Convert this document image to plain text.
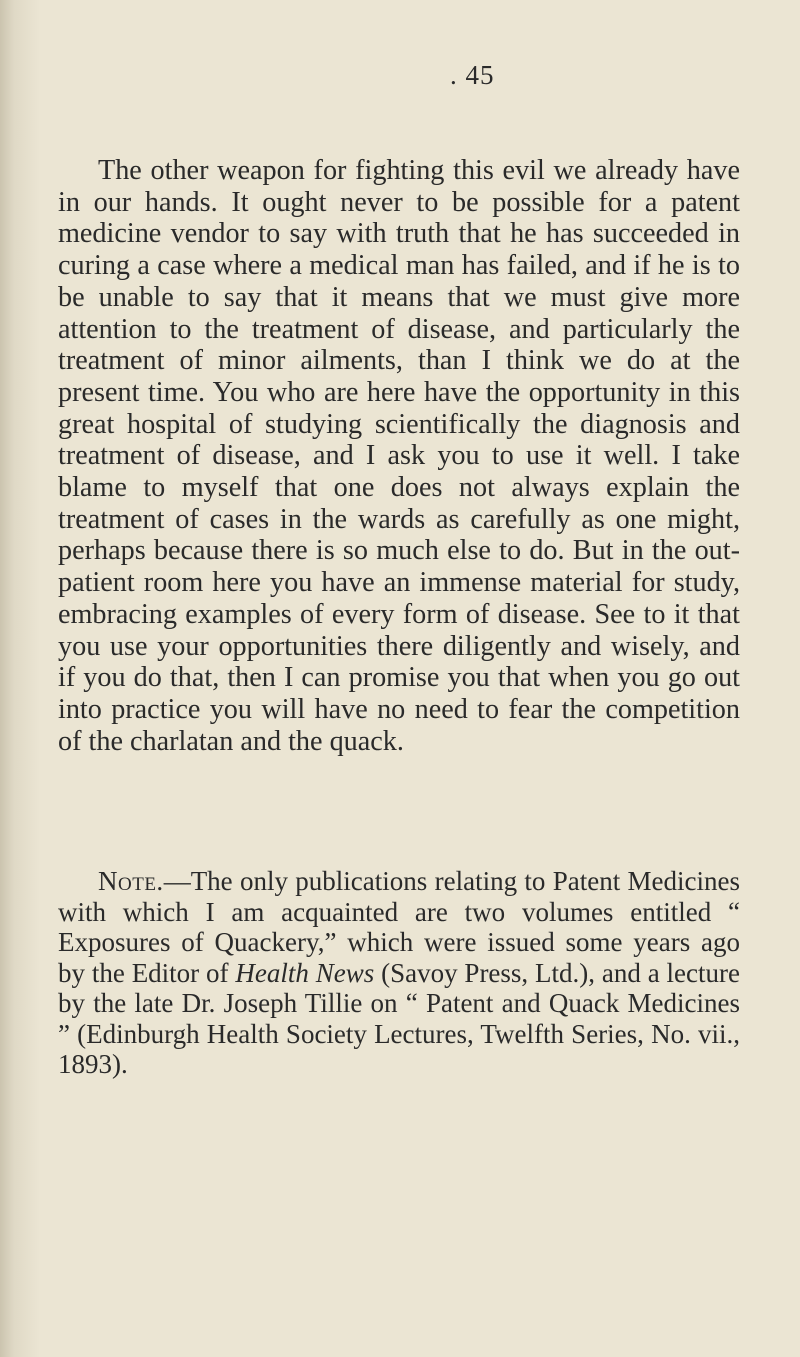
. 45

The other weapon for fighting this evil we already have in our hands. It ought never to be possible for a patent medicine vendor to say with truth that he has succeeded in curing a case where a medical man has failed, and if he is to be unable to say that it means that we must give more attention to the treatment of disease, and particularly the treatment of minor ailments, than I think we do at the present time. You who are here have the opportunity in this great hospital of studying scientifically the diagnosis and treatment of disease, and I ask you to use it well. I take blame to myself that one does not always explain the treatment of cases in the wards as carefully as one might, perhaps because there is so much else to do. But in the out-patient room here you have an immense material for study, embracing examples of every form of disease. See to it that you use your opportunities there diligently and wisely, and if you do that, then I can promise you that when you go out into practice you will have no need to fear the competition of the charlatan and the quack.

Note.—The only publications relating to Patent Medicines with which I am acquainted are two volumes entitled “ Exposures of Quackery,” which were issued some years ago by the Editor of Health News (Savoy Press, Ltd.), and a lecture by the late Dr. Joseph Tillie on “ Patent and Quack Medicines ” (Edinburgh Health Society Lectures, Twelfth Series, No. vii., 1893).
